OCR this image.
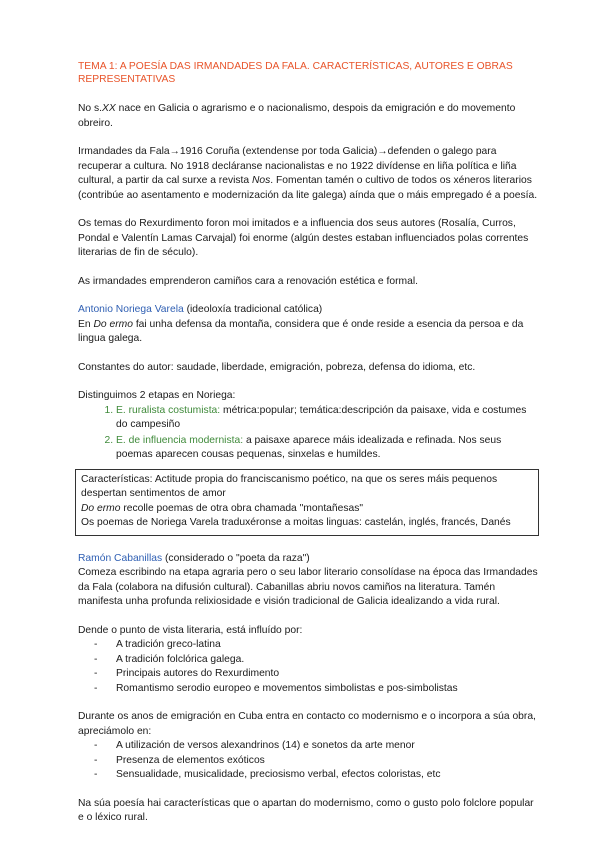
TEMA 1: A POESÍA DAS IRMANDADES DA FALA. CARACTERÍSTICAS, AUTORES E OBRAS REPRESENTATIVAS

No s.XX nace en Galicia o agrarismo e o nacionalismo, despois da emigración e do movemento obreiro.

Irmandades da Fala→1916 Coruña (extendense por toda Galicia)→defenden o galego para recuperar a cultura. No 1918 decláranse nacionalistas e no 1922 divídense en liña política e liña cultural, a partir da cal surxe a revista Nos. Fomentan tamén o cultivo de todos os xéneros literarios (contribúe ao asentamento e modernización da lite galega) aínda que o máis empregado é a poesía.

Os temas do Rexurdimento foron moi imitados e a influencia dos seus autores (Rosalía, Curros, Pondal e Valentín Lamas Carvajal) foi enorme (algún destes estaban influenciados polas correntes literarias de fin de século).

As irmandades emprenderon camiños cara a renovación estética e formal.

Antonio Noriega Varela (ideoloxía tradicional católica)

En Do ermo fai unha defensa da montaña, considera que é onde reside a esencia da persoa e da lingua galega.

Constantes do autor: saudade, liberdade, emigración, pobreza, defensa do idioma, etc.

Distinguimos 2 etapas en Noriega:

1. E. ruralista costumista: métrica:popular; temática:descripción da paisaxe, vida e costumes do campesiño
2. E. de influencia modernista: a paisaxe aparece máis idealizada e refinada. Nos seus poemas aparecen cousas pequenas, sinxelas e humildes.
Características: Actitude propia do franciscanismo poético, na que os seres máis pequenos despertan sentimentos de amor
Do ermo recolle poemas de otra obra chamada "montañesas"
Os poemas de Noriega Varela traduxéronse a moitas linguas: castelán, inglés, francés, Danés

Ramón Cabanillas (considerado o "poeta da raza")

Comeza escribindo na etapa agraria pero o seu labor literario consolídase na época das Irmandades da Fala (colabora na difusión cultural). Cabanillas abriu novos camiños na literatura. Tamén manifesta unha profunda relixiosidade e visión tradicional de Galicia idealizando a vida rural.

Dende o punto de vista literaria, está influído por:

- A tradición greco-latina
- A tradición folclórica galega.
- Principais autores do Rexurdimento
- Romantismo serodio europeo e movementos simbolistas e pos-simbolistas

Durante os anos de emigración en Cuba entra en contacto co modernismo e o incorpora a súa obra, apreciámolo en:

- A utilización de versos alexandrinos (14) e sonetos da arte menor
- Presenza de elementos exóticos
- Sensualidade, musicalidade, preciosismo verbal, efectos coloristas, etc

Na súa poesía hai características que o apartan do modernismo, como o gusto polo folclore popular e o léxico rural.
